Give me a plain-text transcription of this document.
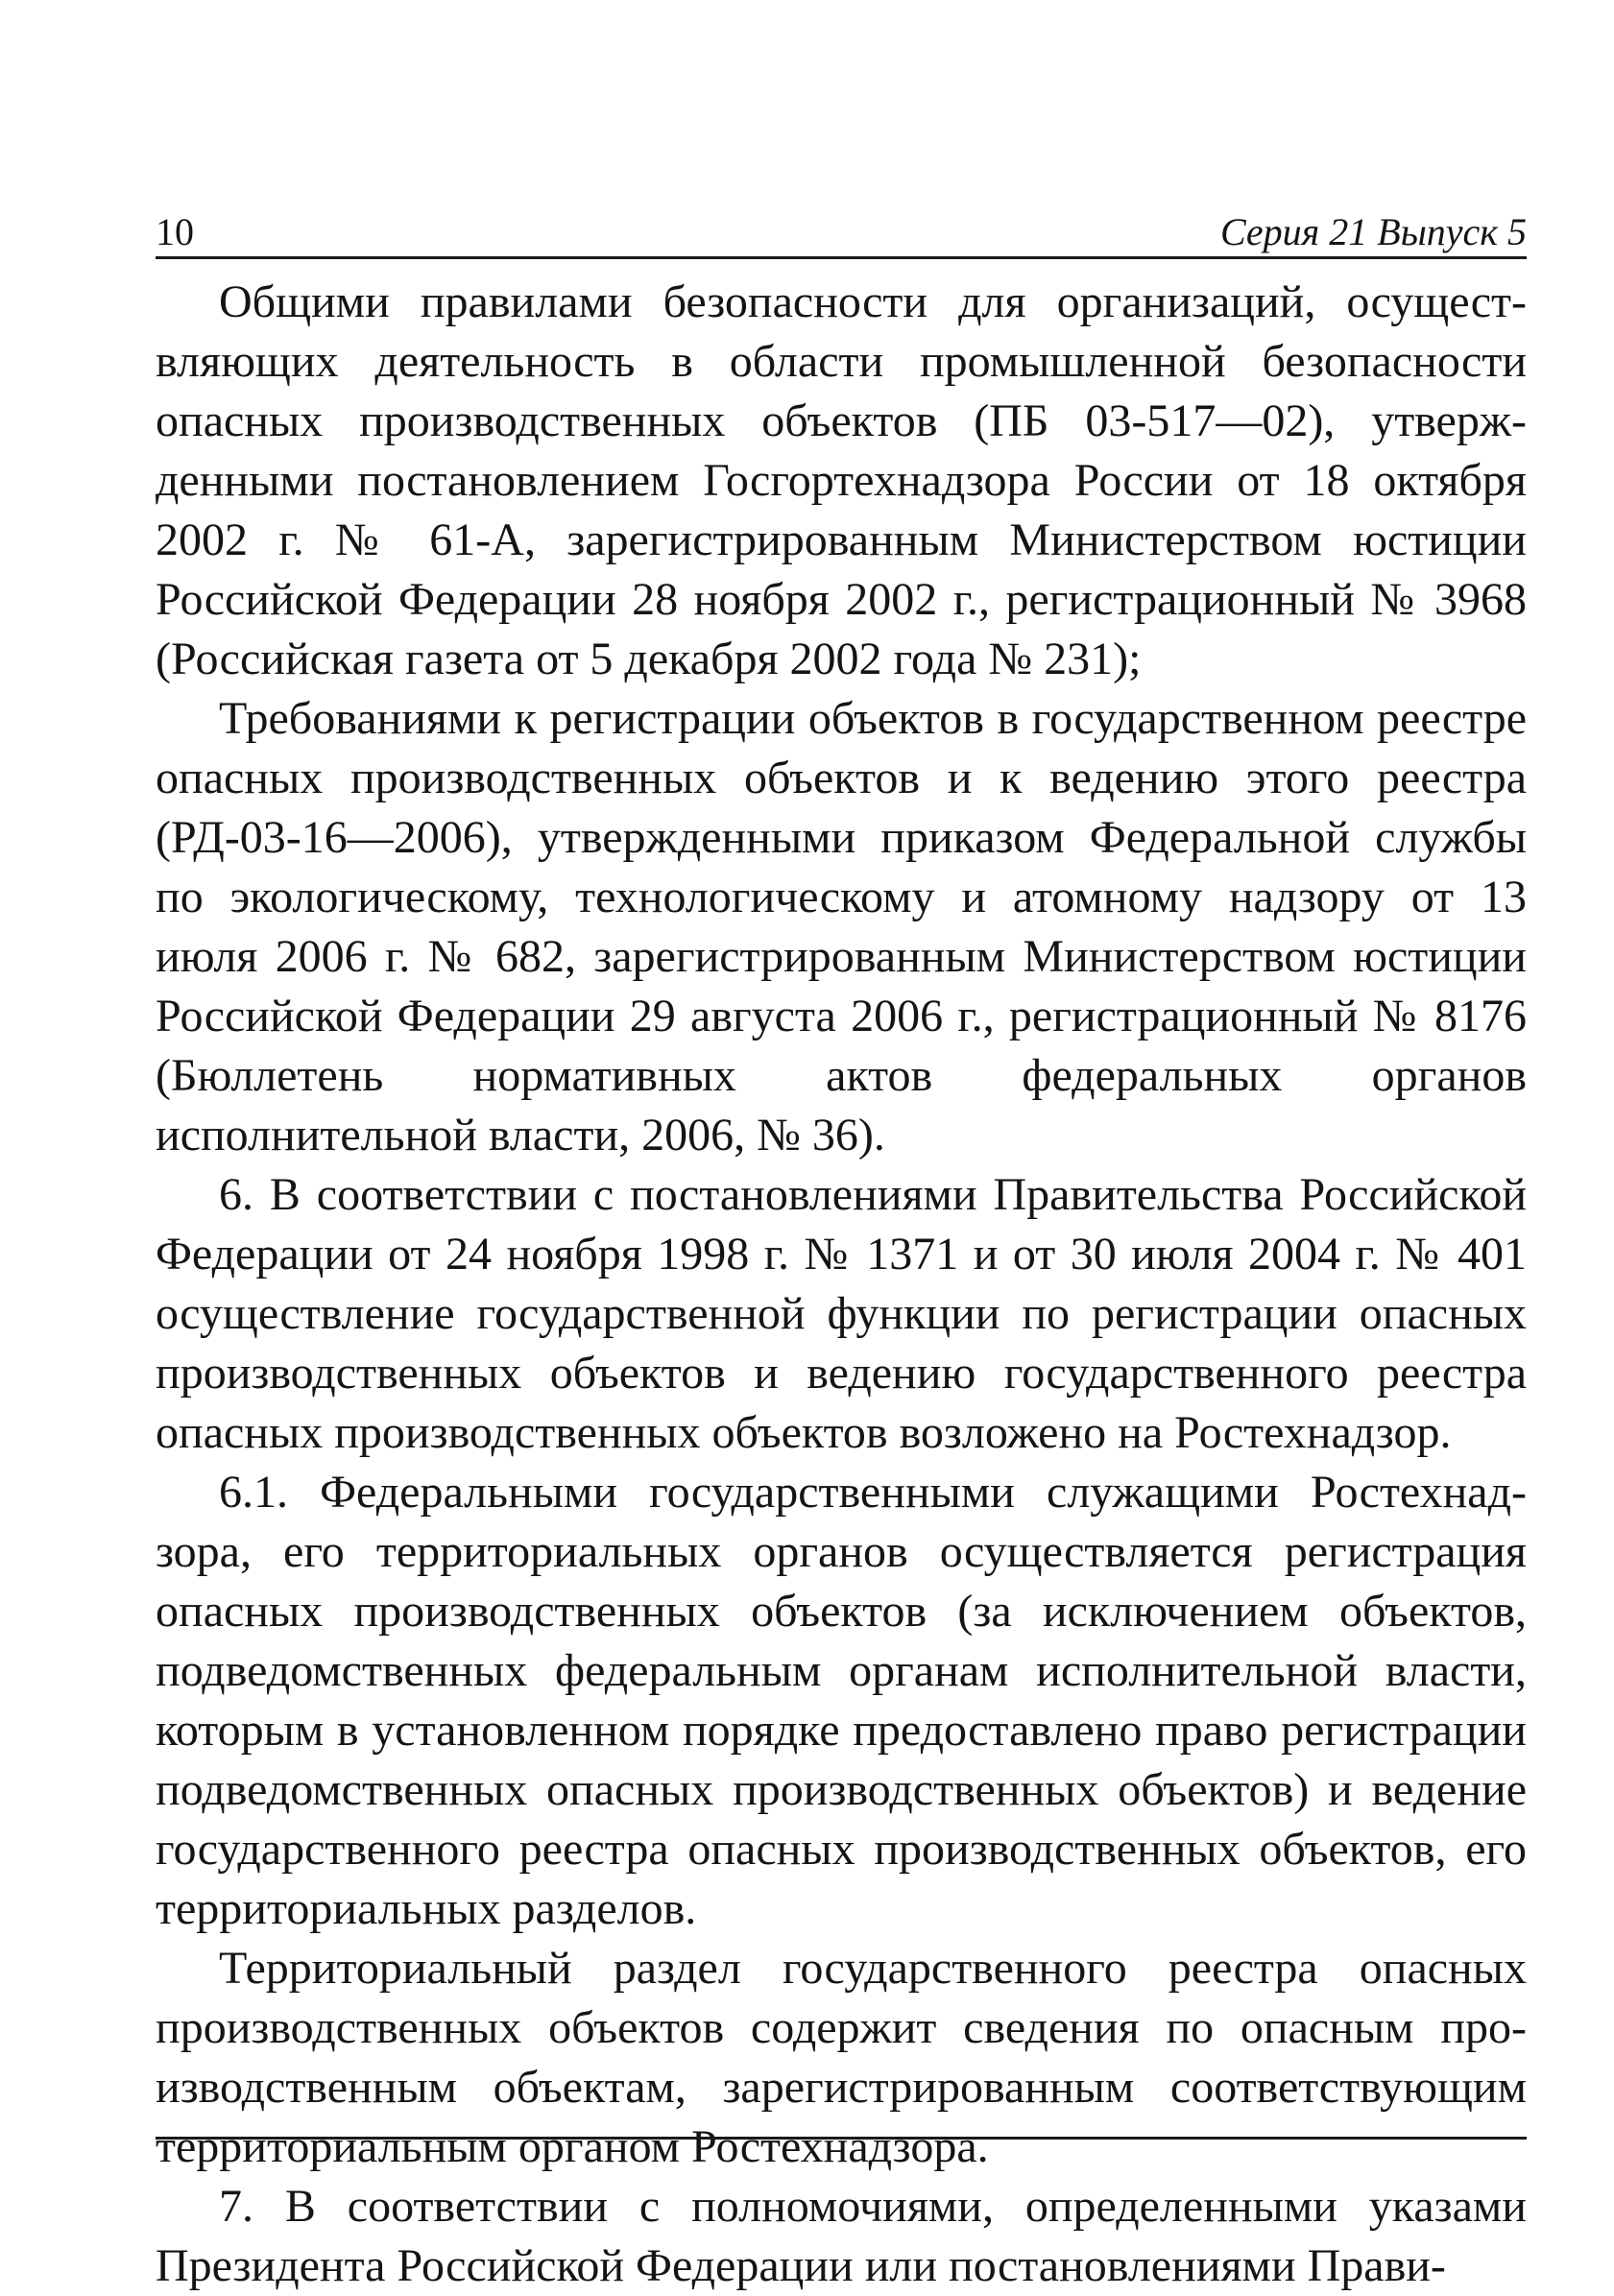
10	Серия 21 Выпуск 5

Общими правилами безопасности для организаций, осуществляющих деятельность в области промышленной безопасности опасных производственных объектов (ПБ 03-517—02), утвержденными постановлением Госгортехнадзора России от 18 октября 2002 г. № 61-А, зарегистрированным Министерством юстиции Российской Федерации 28 ноября 2002 г., регистрационный № 3968 (Российская газета от 5 декабря 2002 года № 231);

Требованиями к регистрации объектов в государственном реестре опасных производственных объектов и к ведению этого реестра (РД-03-16—2006), утвержденными приказом Федеральной службы по экологическому, технологическому и атомному надзору от 13 июля 2006 г. № 682, зарегистрированным Министерством юстиции Российской Федерации 29 августа 2006 г., регистрационный № 8176 (Бюллетень нормативных актов федеральных органов исполнительной власти, 2006, № 36).

6. В соответствии с постановлениями Правительства Российской Федерации от 24 ноября 1998 г. № 1371 и от 30 июля 2004 г. № 401 осуществление государственной функции по регистрации опасных производственных объектов и ведению государственного реестра опасных производственных объектов возложено на Ростехнадзор.

6.1. Федеральными государственными служащими Ростехнадзора, его территориальных органов осуществляется регистрация опасных производственных объектов (за исключением объектов, подведомственных федеральным органам исполнительной власти, которым в установленном порядке предоставлено право регистрации подведомственных опасных производственных объектов) и ведение государственного реестра опасных производственных объектов, его территориальных разделов.

Территориальный раздел государственного реестра опасных производственных объектов содержит сведения по опасным производственным объектам, зарегистрированным соответствующим территориальным органом Ростехнадзора.

7. В соответствии с полномочиями, определенными указами Президента Российской Федерации или постановлениями Прави-
